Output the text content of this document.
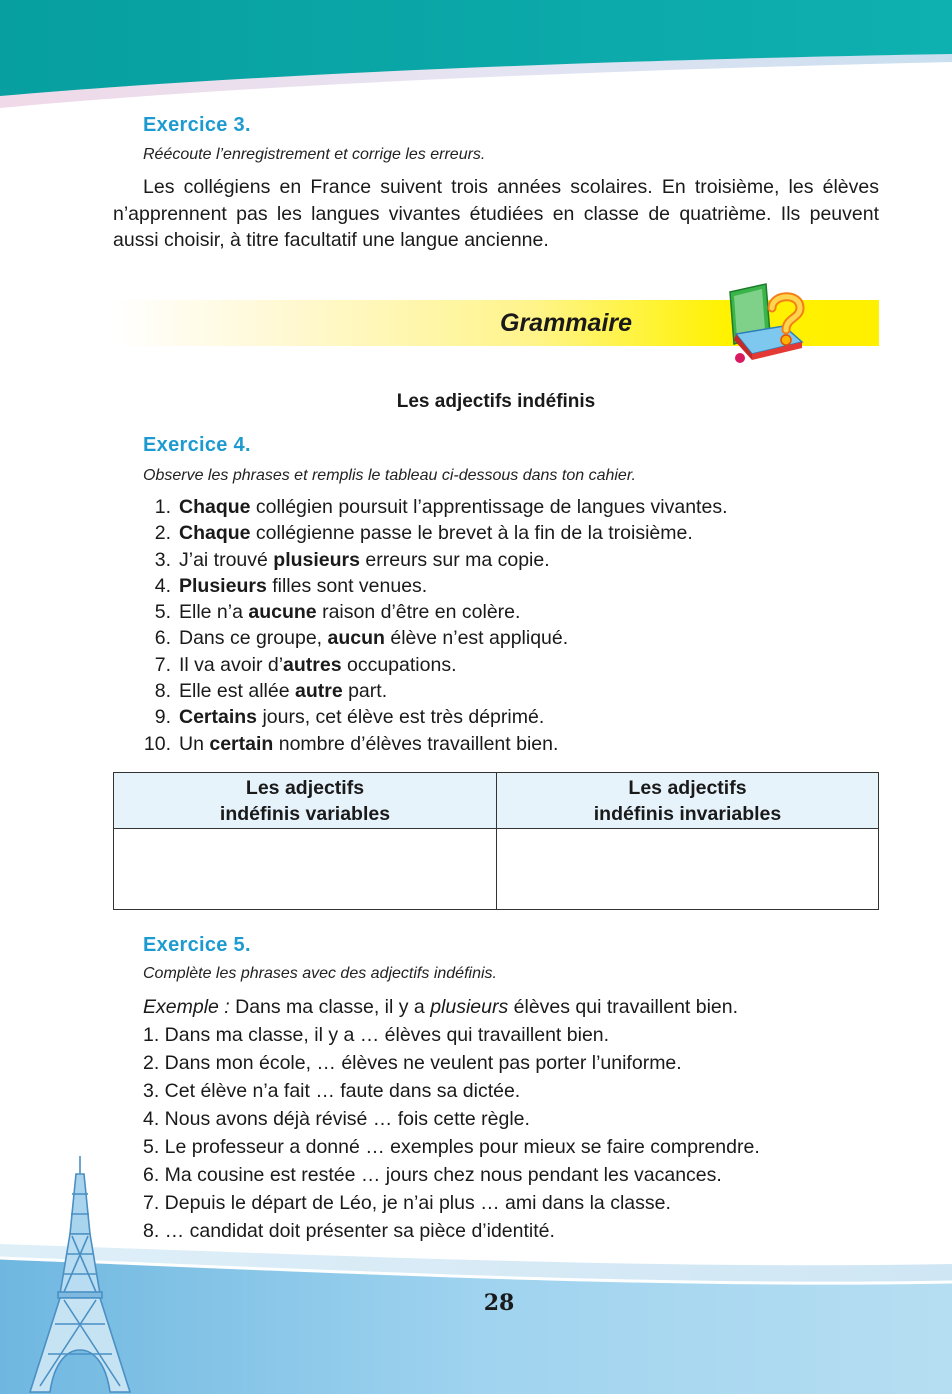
Exercice 3.
Réécoute l’enregistrement et corrige les erreurs.
Les collégiens en France suivent trois années scolaires. En troisième, les élèves n’apprennent pas les langues vivantes étudiées en classe de quatrième. Ils peuvent aussi choisir, à titre facultatif une langue ancienne.
Grammaire
Les adjectifs indéfinis
Exercice 4.
Observe les phrases et remplis le tableau ci-dessous dans ton cahier.
1. Chaque collégien poursuit l’apprentissage de langues vivantes.
2. Chaque collégienne passe le brevet à la fin de la troisième.
3. J’ai trouvé plusieurs erreurs sur ma copie.
4. Plusieurs filles sont venues.
5. Elle n’a aucune raison d’être en colère.
6. Dans ce groupe, aucun élève n’est appliqué.
7. Il va avoir d’autres occupations.
8. Elle est allée autre part.
9. Certains jours, cet élève est très déprimé.
10. Un certain nombre d’élèves travaillent bien.
Les adjectifs
indéfinis variables
Les adjectifs
indéfinis invariables
Exercice 5.
Complète les phrases avec des adjectifs indéfinis.
Exemple : Dans ma classe, il y a plusieurs élèves qui travaillent bien.
1. Dans ma classe, il y a … élèves qui travaillent bien.
2. Dans mon école, … élèves ne veulent pas porter l’uniforme.
3. Cet élève n’a fait … faute dans sa dictée.
4. Nous avons déjà révisé … fois cette règle.
5. Le professeur a donné … exemples pour mieux se faire comprendre.
6. Ma cousine est restée … jours chez nous pendant les vacances.
7. Depuis le départ de Léo, je n’ai plus … ami dans la classe.
8. … candidat doit présenter sa pièce d’identité.
28
